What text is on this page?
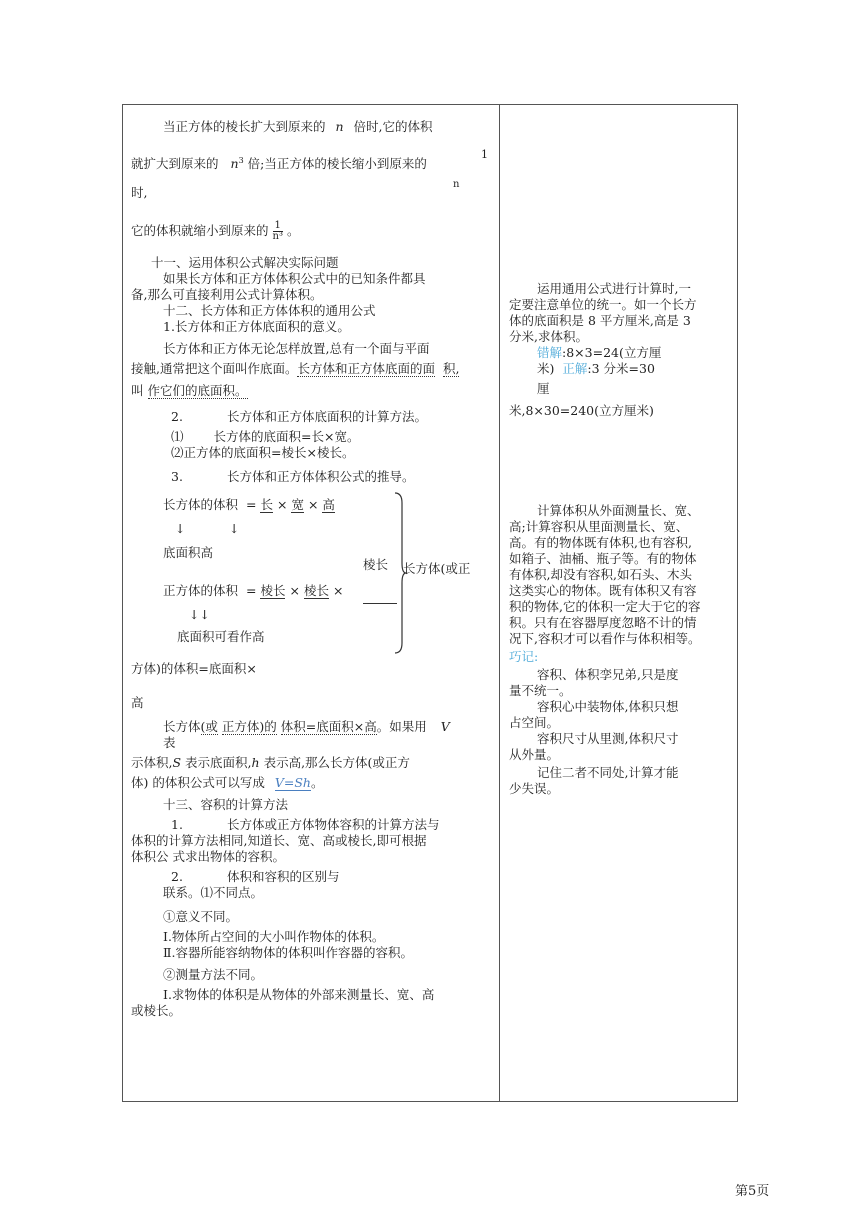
当正方体的棱长扩大到原来的 n 倍时,它的体积
就扩大到原来的 $n^3$ 倍;当正方体的棱长缩小到原来的
1
n
时,
它的体积就缩小到原来的 $\frac{1}{\text{n³}}$ 。
十一、运用体积公式解决实际问题
如果长方体和正方体体积公式中的已知条件都具
备,那么可直接利用公式计算体积。
十二、长方体和正方体体积的通用公式
1.长方体和正方体底面积的意义。
长方体和正方体无论怎样放置,总有一个面与平面
接触,通常把这个面叫作底面。长方体和正方体底面的面 积,
叫 作它们的底面积。
2.	长方体和正方体底面积的计算方法。
⑴ 长方体的底面积=长×宽。
⑵正方体的底面积=棱长×棱长。
3.	长方体和正方体体积公式的推导。
长方体的体积 = 长 × 宽 × 高
↓	↓
底面积高
棱长 长方体(或正
正方体的体积 = 棱长 × 棱长 ×
↓↓
底面积可看作高
方体)的体积=底面积×
高
长方体(或 正方体)的 体积=底面积×高。如果用 V
表
示体积,S 表示底面积,h 表示高,那么长方体(或正方
体) 的体积公式可以写成 V=Sh。
十三、容积的计算方法
1.	长方体或正方体物体容积的计算方法与
体积的计算方法相同,知道长、宽、高或棱长,即可根据
体积公 式求出物体的容积。
2.	体积和容积的区别与
联系。⑴不同点。
①意义不同。
Ⅰ.物体所占空间的大小叫作物体的体积。
Ⅱ.容器所能容纳物体的体积叫作容器的容积。
②测量方法不同。
Ⅰ.求物体的体积是从物体的外部来测量长、宽、高
或棱长。
运用通用公式进行计算时,一
定要注意单位的统一。如一个长方
体的底面积是 8 平方厘米,高是 3
分米,求体积。
错解:8×3=24(立方厘
米) 正解:3 分米=30
厘
米,8×30=240(立方厘米)
计算体积从外面测量长、宽、
高;计算容积从里面测量长、宽、
高。有的物体既有体积,也有容积,
如箱子、油桶、瓶子等。有的物体
有体积,却没有容积,如石头、木头
这类实心的物体。既有体积又有容
积的物体,它的体积一定大于它的容
积。只有在容器厚度忽略不计的情
况下,容积才可以看作与体积相等。
巧记:
容积、体积孪兄弟,只是度
量不统一。
容积心中装物体,体积只想
占空间。
容积尺寸从里测,体积尺寸
从外量。
记住二者不同处,计算才能
少失误。
第5页
